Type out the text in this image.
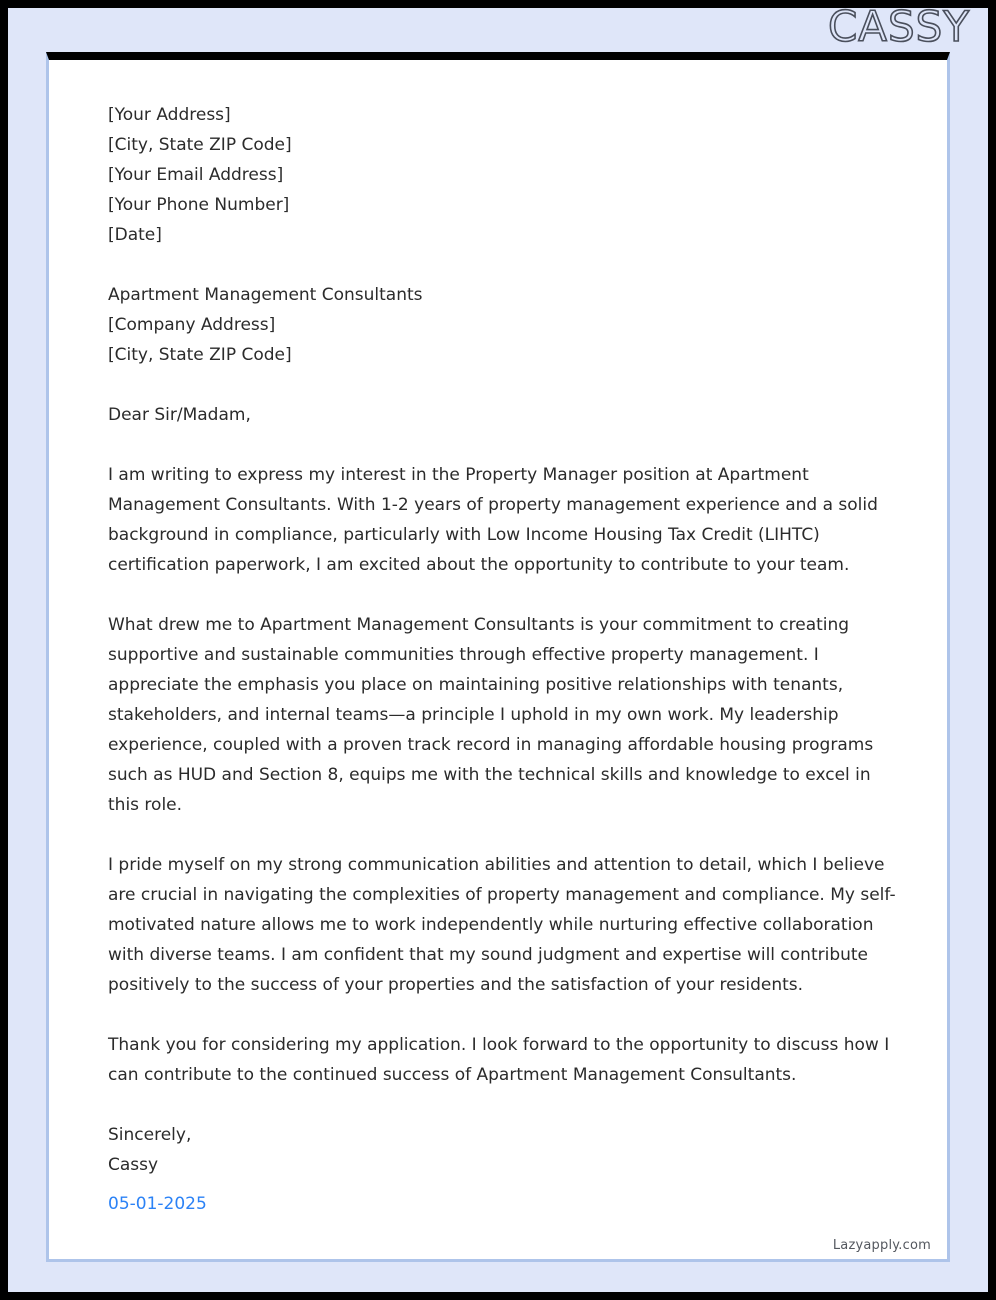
CASSY
[Your Address]
[City, State ZIP Code]
[Your Email Address]
[Your Phone Number]
[Date]
Apartment Management Consultants
[Company Address]
[City, State ZIP Code]
Dear Sir/Madam,

I am writing to express my interest in the Property Manager position at Apartment Management Consultants. With 1-2 years of property management experience and a solid background in compliance, particularly with Low Income Housing Tax Credit (LIHTC) certification paperwork, I am excited about the opportunity to contribute to your team.

What drew me to Apartment Management Consultants is your commitment to creating supportive and sustainable communities through effective property management. I appreciate the emphasis you place on maintaining positive relationships with tenants, stakeholders, and internal teams—a principle I uphold in my own work. My leadership experience, coupled with a proven track record in managing affordable housing programs such as HUD and Section 8, equips me with the technical skills and knowledge to excel in this role.

I pride myself on my strong communication abilities and attention to detail, which I believe are crucial in navigating the complexities of property management and compliance. My self-motivated nature allows me to work independently while nurturing effective collaboration with diverse teams. I am confident that my sound judgment and expertise will contribute positively to the success of your properties and the satisfaction of your residents.

Thank you for considering my application. I look forward to the opportunity to discuss how I can contribute to the continued success of Apartment Management Consultants.

Sincerely,
Cassy
05-01-2025
Lazyapply.com
